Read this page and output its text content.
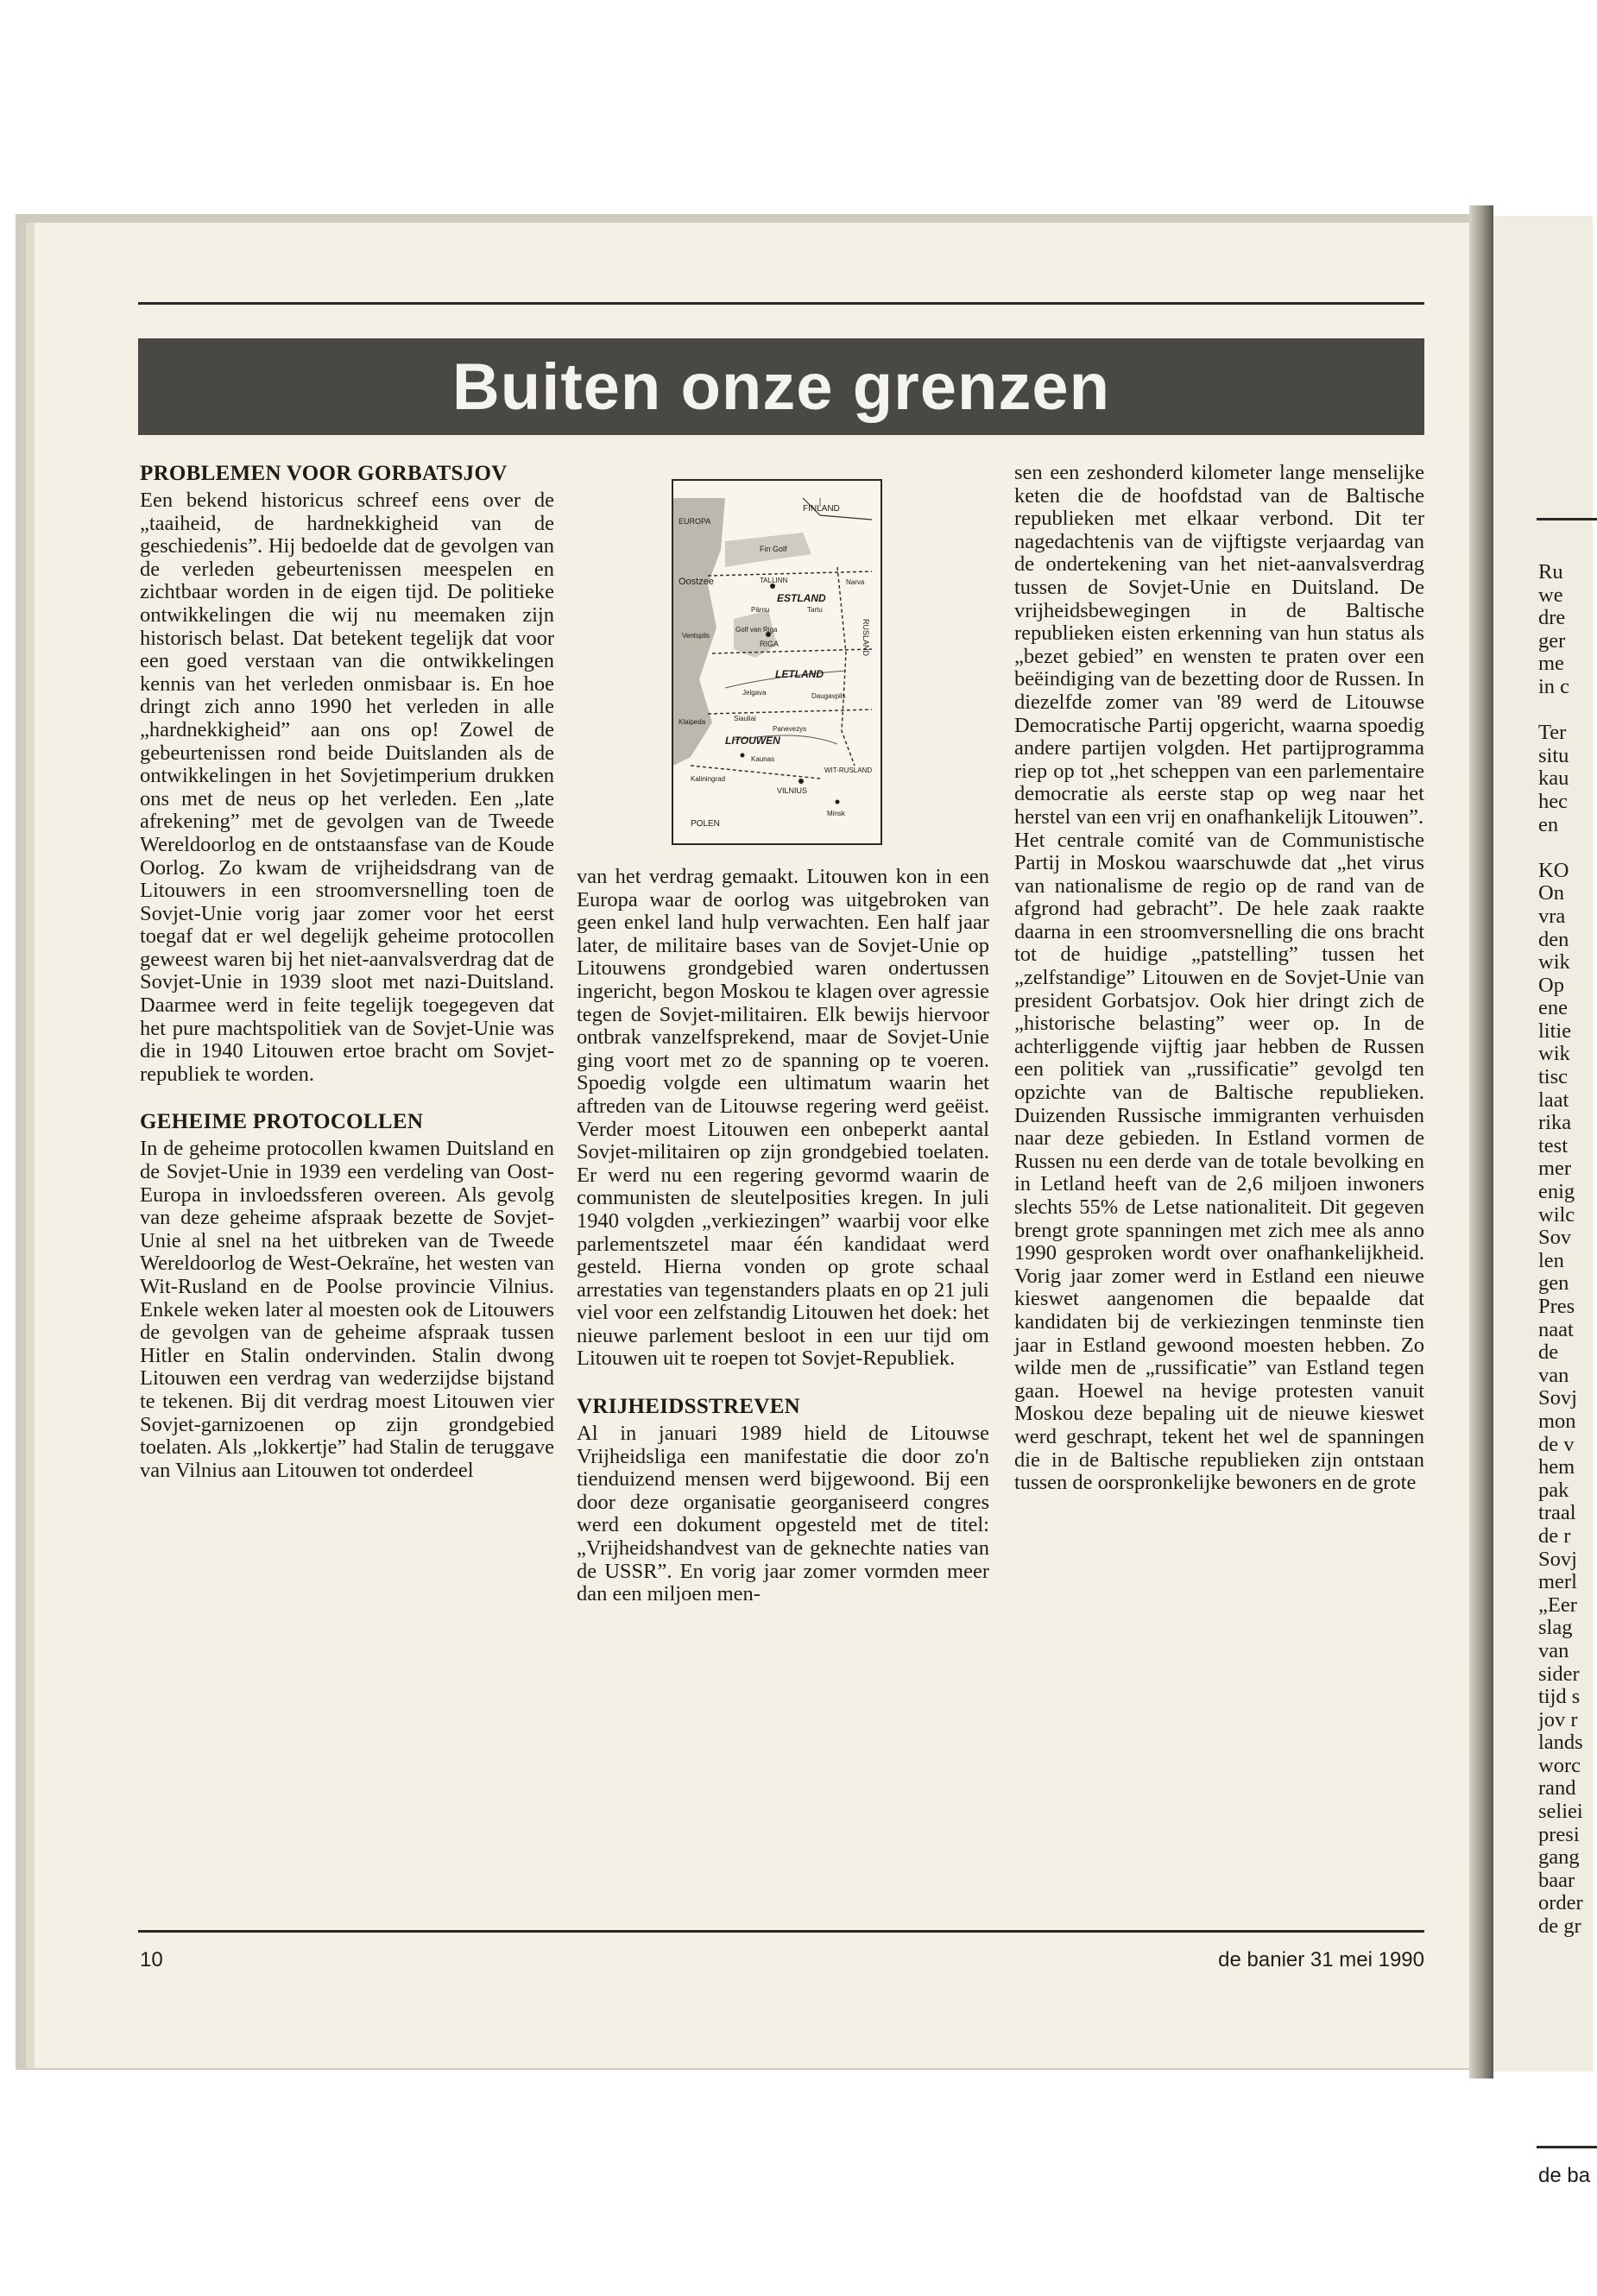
Ru
we
dre
ger
me
in c

Ter
situ
kau
hec
en

KO
On
vra
den
wik
Op
ene
litie
wik
tisc
laat
rika
test
mer
enig
wilc
Sov
len
gen
Pres
naat
de
van
Sovj
mon
de v
hem
pak
traal
de r
Sovj
merl
„Eer
slag
van
sider
tijd s
jov r
lands
worc
rand
seliei
presi
gang
baar
order
de gr
de ba
Buiten onze grenzen
PROBLEMEN VOOR GORBATSJOV

Een bekend historicus schreef eens over de „taaiheid, de hardnekkigheid van de geschiedenis”. Hij bedoelde dat de gevolgen van de verleden gebeurtenissen meespelen en zichtbaar worden in de eigen tijd. De politieke ontwikkelingen die wij nu meemaken zijn historisch belast. Dat betekent tegelijk dat voor een goed verstaan van die ontwikkelingen kennis van het verleden onmisbaar is. En hoe dringt zich anno 1990 het verleden in alle „hardnekkigheid” aan ons op! Zowel de gebeurtenissen rond beide Duitslanden als de ontwikkelingen in het Sovjetimperium drukken ons met de neus op het verleden. Een „late afrekening” met de gevolgen van de Tweede Wereldoorlog en de ontstaansfase van de Koude Oorlog. Zo kwam de vrijheidsdrang van de Litouwers in een stroomversnelling toen de Sovjet-Unie vorig jaar zomer voor het eerst toegaf dat er wel degelijk geheime protocollen geweest waren bij het niet-aanvalsverdrag dat de Sovjet-Unie in 1939 sloot met nazi-Duitsland. Daarmee werd in feite tegelijk toegegeven dat het pure machtspolitiek van de Sovjet-Unie was die in 1940 Litouwen ertoe bracht om Sovjet-republiek te worden.

GEHEIME PROTOCOLLEN

In de geheime protocollen kwamen Duitsland en de Sovjet-Unie in 1939 een verdeling van Oost-Europa in invloedssferen overeen. Als gevolg van deze geheime afspraak bezette de Sovjet-Unie al snel na het uitbreken van de Tweede Wereldoorlog de West-Oekraïne, het westen van Wit-Rusland en de Poolse provincie Vilnius. Enkele weken later al moesten ook de Litouwers de gevolgen van de geheime afspraak tussen Hitler en Stalin ondervinden. Stalin dwong Litouwen een verdrag van wederzijdse bijstand te tekenen. Bij dit verdrag moest Litouwen vier Sovjet-garnizoenen op zijn grondgebied toelaten. Als „lokkertje” had Stalin de teruggave van Vilnius aan Litouwen tot onderdeel

EUROPA
FINLAND
Fin Golf
Oostzee	TALLINN
ESTLAND
Pärnu	Tartu
Narva
RUSLAND
Golf van Riga
Ventspils
RIGA
LETLAND
Jelgava	Daugavpils
Klaipeda	Siauliai
Panevezys
LITOUWEN
Kaunas
Kaliningrad
VILNIUS
WIT-RUSLAND
Minsk
POLEN

van het verdrag gemaakt. Litouwen kon in een Europa waar de oorlog was uitgebroken van geen enkel land hulp verwachten. Een half jaar later, de militaire bases van de Sovjet-Unie op Litouwens grondgebied waren ondertussen ingericht, begon Moskou te klagen over agressie tegen de Sovjet-militairen. Elk bewijs hiervoor ontbrak vanzelfsprekend, maar de Sovjet-Unie ging voort met zo de spanning op te voeren. Spoedig volgde een ultimatum waarin het aftreden van de Litouwse regering werd geëist. Verder moest Litouwen een onbeperkt aantal Sovjet-militairen op zijn grondgebied toelaten. Er werd nu een regering gevormd waarin de communisten de sleutelposities kregen. In juli 1940 volgden „verkiezingen” waarbij voor elke parlementszetel maar één kandidaat werd gesteld. Hierna vonden op grote schaal arrestaties van tegenstanders plaats en op 21 juli viel voor een zelfstandig Litouwen het doek: het nieuwe parlement besloot in een uur tijd om Litouwen uit te roepen tot Sovjet-Republiek.

VRIJHEIDSSTREVEN

Al in januari 1989 hield de Litouwse Vrijheidsliga een manifestatie die door zo'n tienduizend mensen werd bijgewoond. Bij een door deze organisatie georganiseerd congres werd een dokument opgesteld met de titel: „Vrijheidshandvest van de geknechte naties van de USSR”. En vorig jaar zomer vormden meer dan een miljoen men-

sen een zeshonderd kilometer lange menselijke keten die de hoofdstad van de Baltische republieken met elkaar verbond. Dit ter nagedachtenis van de vijftigste verjaardag van de ondertekening van het niet-aanvalsverdrag tussen de Sovjet-Unie en Duitsland. De vrijheidsbewegingen in de Baltische republieken eisten erkenning van hun status als „bezet gebied” en wensten te praten over een beëindiging van de bezetting door de Russen. In diezelfde zomer van '89 werd de Litouwse Democratische Partij opgericht, waarna spoedig andere partijen volgden. Het partijprogramma riep op tot „het scheppen van een parlementaire democratie als eerste stap op weg naar het herstel van een vrij en onafhankelijk Litouwen”.

Het centrale comité van de Communistische Partij in Moskou waarschuwde dat „het virus van nationalisme de regio op de rand van de afgrond had gebracht”. De hele zaak raakte daarna in een stroomversnelling die ons bracht tot de huidige „patstelling” tussen het „zelfstandige” Litouwen en de Sovjet-Unie van president Gorbatsjov. Ook hier dringt zich de „historische belasting” weer op. In de achterliggende vijftig jaar hebben de Russen een politiek van „russificatie” gevolgd ten opzichte van de Baltische republieken. Duizenden Russische immigranten verhuisden naar deze gebieden. In Estland vormen de Russen nu een derde van de totale bevolking en in Letland heeft van de 2,6 miljoen inwoners slechts 55% de Letse nationaliteit. Dit gegeven brengt grote spanningen met zich mee als anno 1990 gesproken wordt over onafhankelijkheid. Vorig jaar zomer werd in Estland een nieuwe kieswet aangenomen die bepaalde dat kandidaten bij de verkiezingen tenminste tien jaar in Estland gewoond moesten hebben. Zo wilde men de „russificatie” van Estland tegen gaan. Hoewel na hevige protesten vanuit Moskou deze bepaling uit de nieuwe kieswet werd geschrapt, tekent het wel de spanningen die in de Baltische republieken zijn ontstaan tussen de oorspronkelijke bewoners en de grote

10	de banier 31 mei 1990
